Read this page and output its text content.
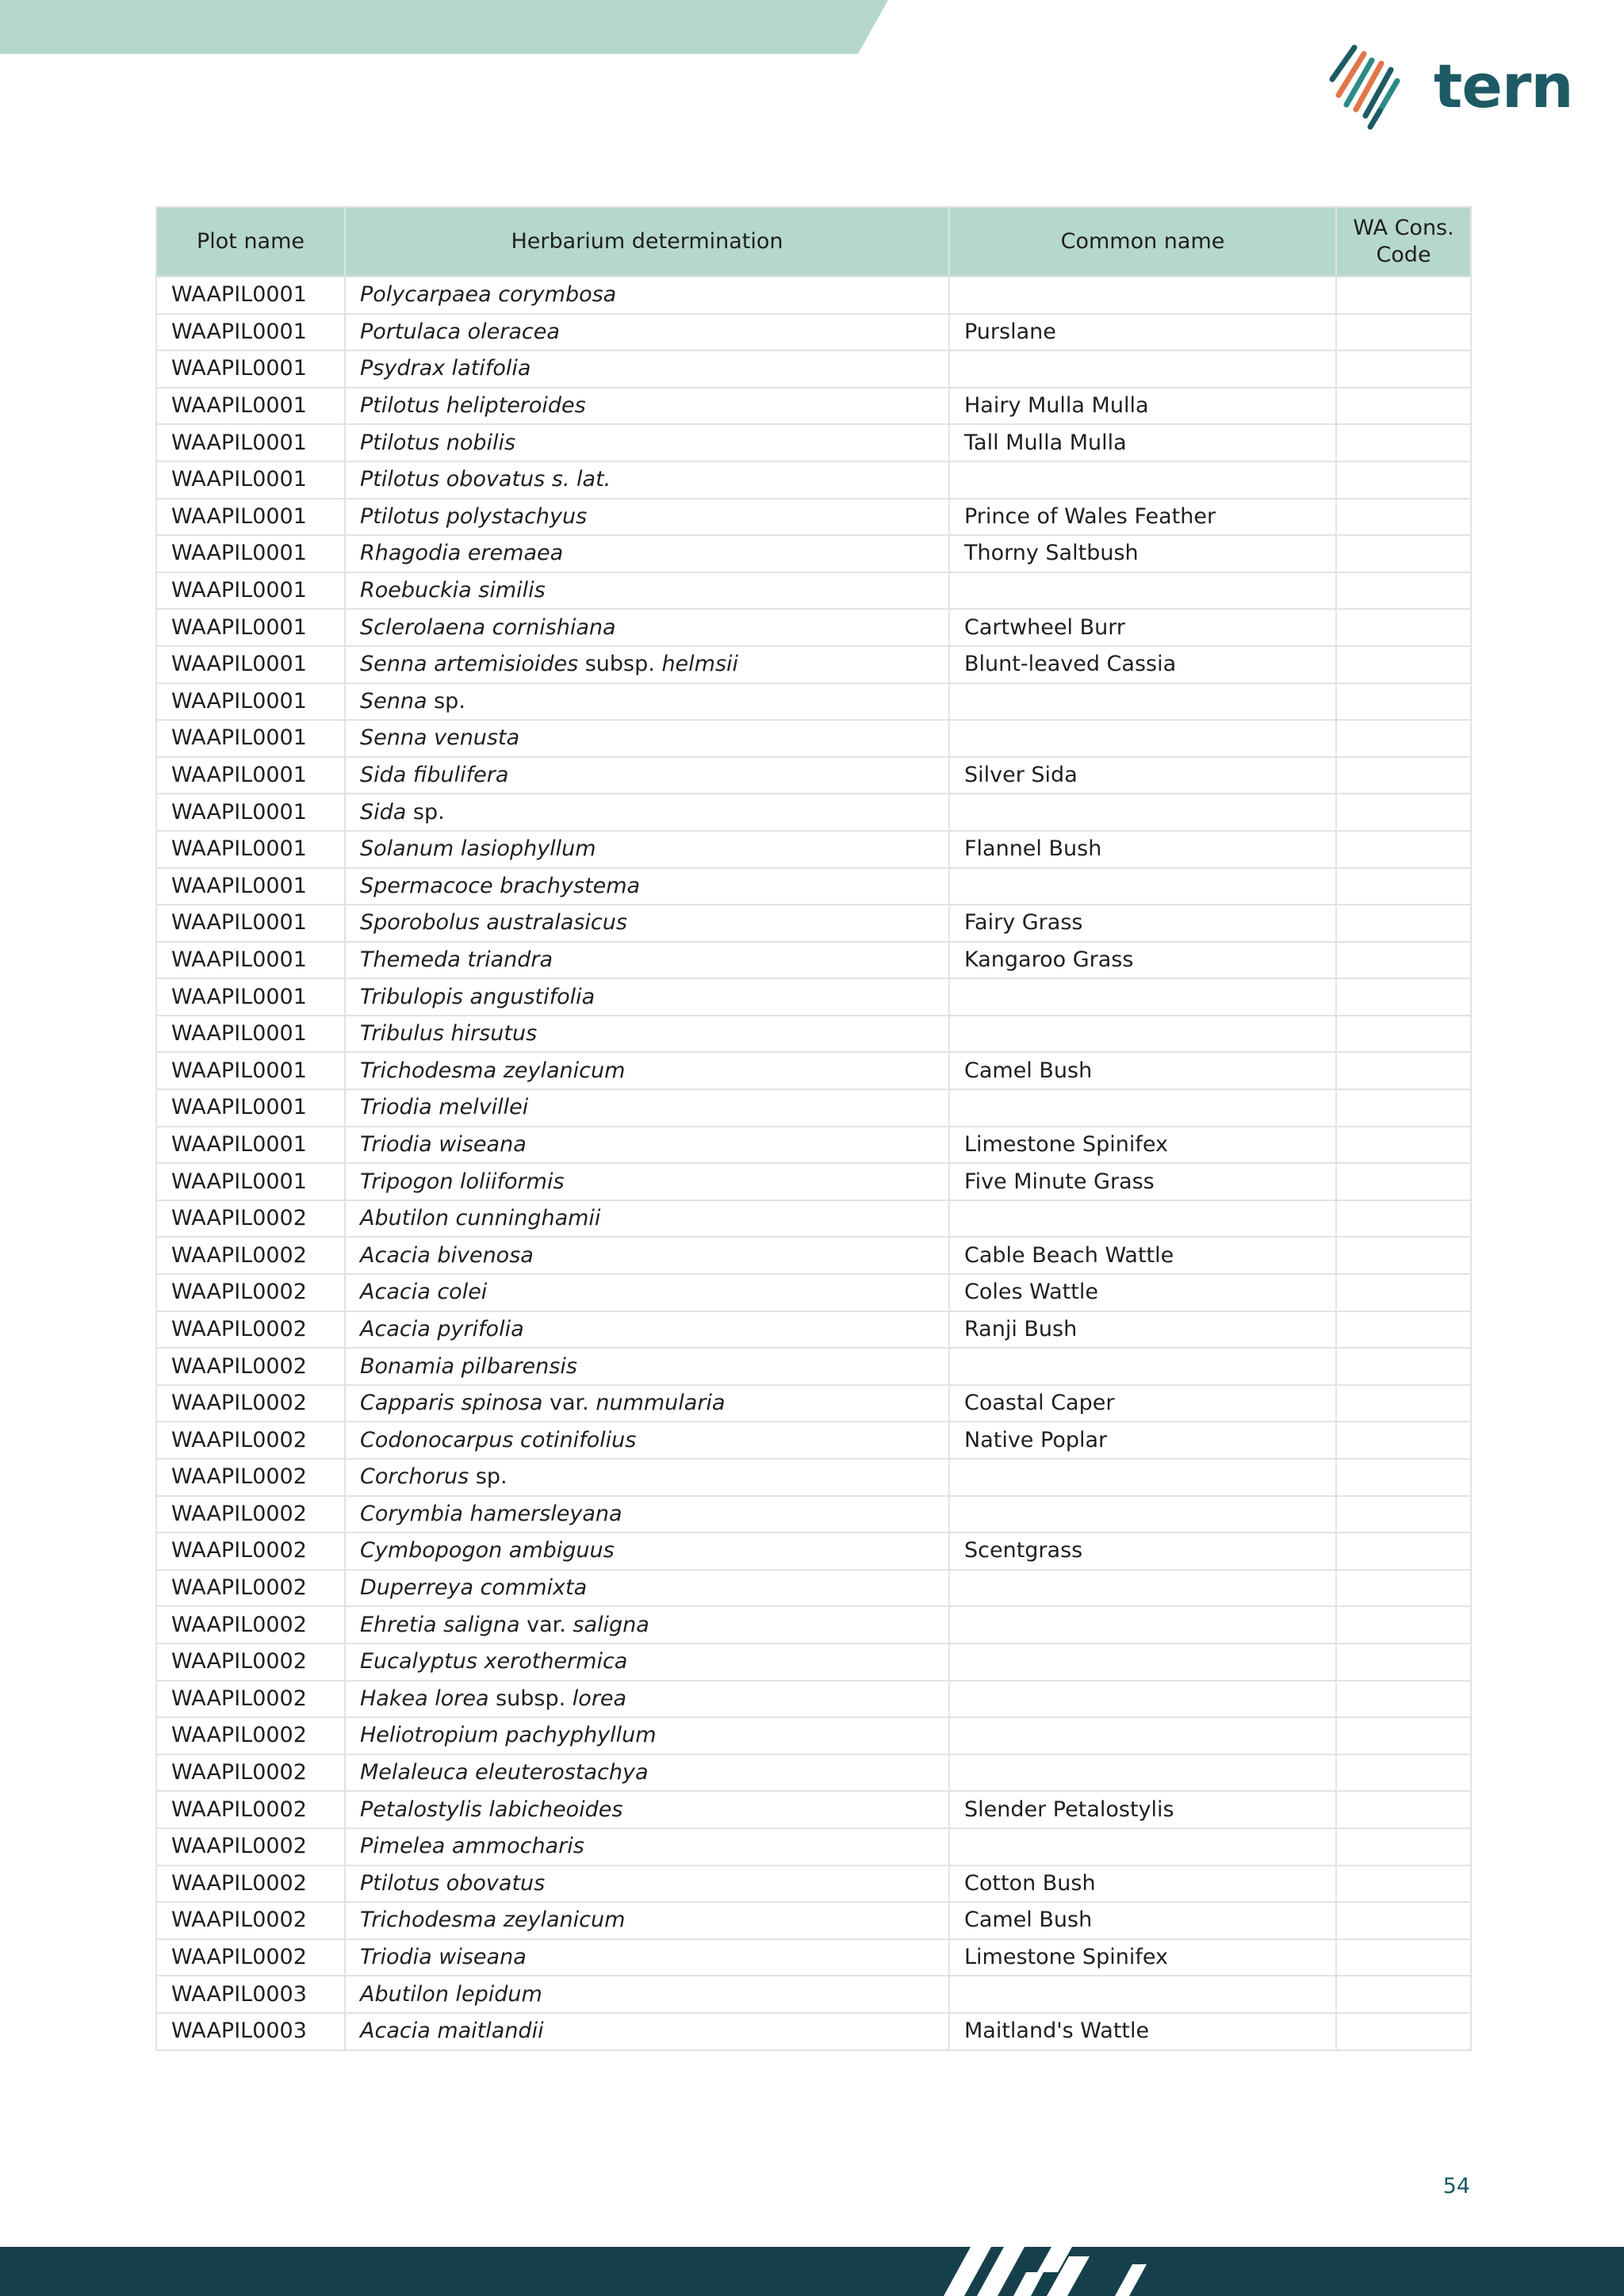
tern
Plot name	Herbarium determination	Common name	WA Cons. Code
WAAPIL0001	Polycarpaea corymbosa		
WAAPIL0001	Portulaca oleracea	Purslane	
WAAPIL0001	Psydrax latifolia		
WAAPIL0001	Ptilotus helipteroides	Hairy Mulla Mulla	
WAAPIL0001	Ptilotus nobilis	Tall Mulla Mulla	
WAAPIL0001	Ptilotus obovatus s. lat.		
WAAPIL0001	Ptilotus polystachyus	Prince of Wales Feather	
WAAPIL0001	Rhagodia eremaea	Thorny Saltbush	
WAAPIL0001	Roebuckia similis		
WAAPIL0001	Sclerolaena cornishiana	Cartwheel Burr	
WAAPIL0001	Senna artemisioides subsp. helmsii	Blunt-leaved Cassia	
WAAPIL0001	Senna sp.		
WAAPIL0001	Senna venusta		
WAAPIL0001	Sida fibulifera	Silver Sida	
WAAPIL0001	Sida sp.		
WAAPIL0001	Solanum lasiophyllum	Flannel Bush	
WAAPIL0001	Spermacoce brachystema		
WAAPIL0001	Sporobolus australasicus	Fairy Grass	
WAAPIL0001	Themeda triandra	Kangaroo Grass	
WAAPIL0001	Tribulopis angustifolia		
WAAPIL0001	Tribulus hirsutus		
WAAPIL0001	Trichodesma zeylanicum	Camel Bush	
WAAPIL0001	Triodia melvillei		
WAAPIL0001	Triodia wiseana	Limestone Spinifex	
WAAPIL0001	Tripogon loliiformis	Five Minute Grass	
WAAPIL0002	Abutilon cunninghamii		
WAAPIL0002	Acacia bivenosa	Cable Beach Wattle	
WAAPIL0002	Acacia colei	Coles Wattle	
WAAPIL0002	Acacia pyrifolia	Ranji Bush	
WAAPIL0002	Bonamia pilbarensis		
WAAPIL0002	Capparis spinosa var. nummularia	Coastal Caper	
WAAPIL0002	Codonocarpus cotinifolius	Native Poplar	
WAAPIL0002	Corchorus sp.		
WAAPIL0002	Corymbia hamersleyana		
WAAPIL0002	Cymbopogon ambiguus	Scentgrass	
WAAPIL0002	Duperreya commixta		
WAAPIL0002	Ehretia saligna var. saligna		
WAAPIL0002	Eucalyptus xerothermica		
WAAPIL0002	Hakea lorea subsp. lorea		
WAAPIL0002	Heliotropium pachyphyllum		
WAAPIL0002	Melaleuca eleuterostachya		
WAAPIL0002	Petalostylis labicheoides	Slender Petalostylis	
WAAPIL0002	Pimelea ammocharis		
WAAPIL0002	Ptilotus obovatus	Cotton Bush	
WAAPIL0002	Trichodesma zeylanicum	Camel Bush	
WAAPIL0002	Triodia wiseana	Limestone Spinifex	
WAAPIL0003	Abutilon lepidum		
WAAPIL0003	Acacia maitlandii	Maitland's Wattle	
54
